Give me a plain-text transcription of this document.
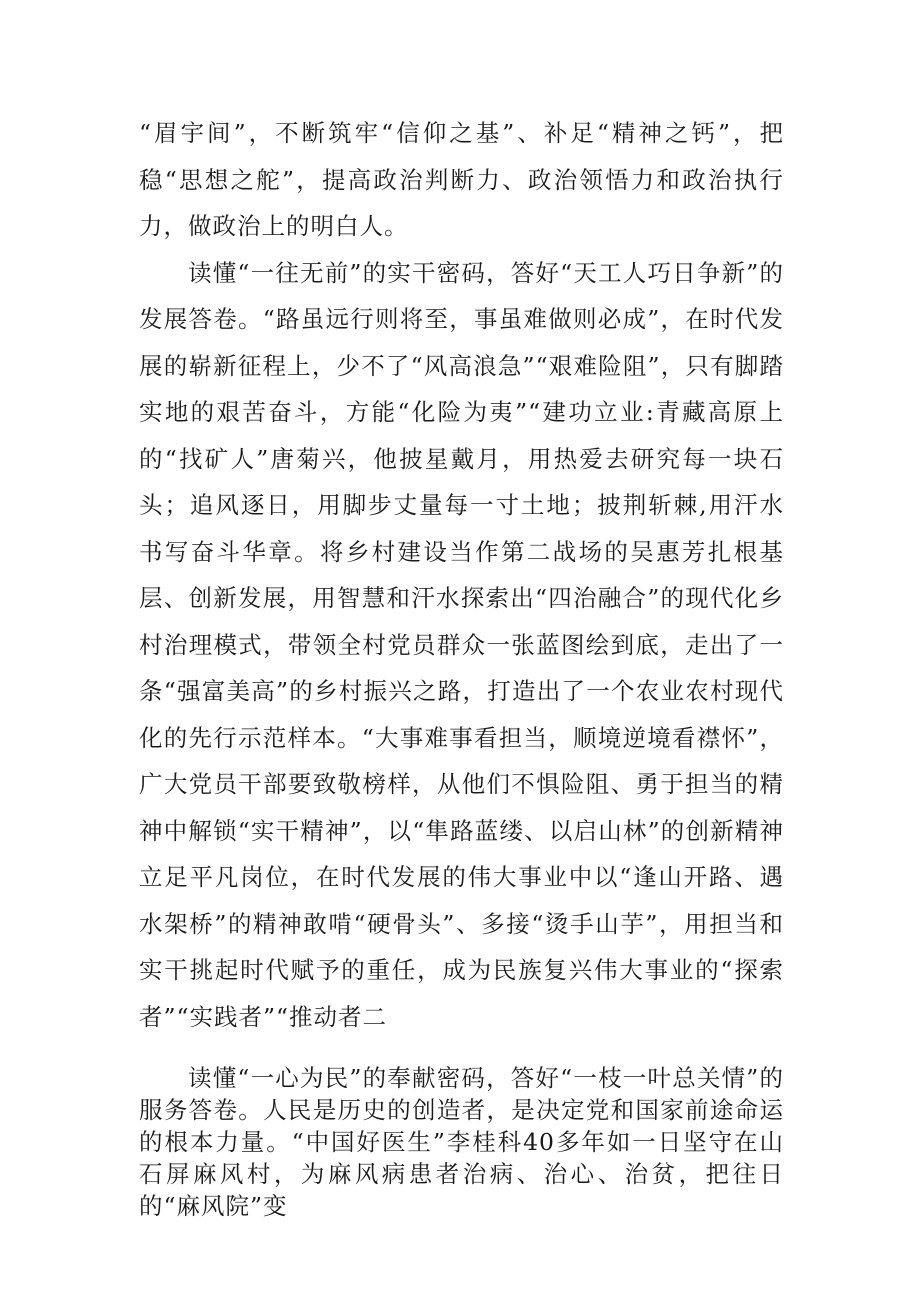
“眉宇间”，不断筑牢“信仰之基”、补足“精神之钙”，把稳“思想之舵”，提高政治判断力、政治领悟力和政治执行力，做政治上的明白人。

读懂“一往无前”的实干密码，答好“天工人巧日争新”的发展答卷。“路虽远行则将至，事虽难做则必成”，在时代发展的崭新征程上，少不了“风高浪急”“艰难险阻”，只有脚踏实地的艰苦奋斗，方能“化险为夷”“建功立业:青藏高原上的“找矿人”唐菊兴，他披星戴月，用热爱去研究每一块石头；追风逐日，用脚步丈量每一寸土地；披荆斩棘,用汗水书写奋斗华章。将乡村建设当作第二战场的吴惠芳扎根基层、创新发展，用智慧和汗水探索出“四治融合”的现代化乡村治理模式，带领全村党员群众一张蓝图绘到底，走出了一条“强富美高”的乡村振兴之路，打造出了一个农业农村现代化的先行示范样本。“大事难事看担当，顺境逆境看襟怀”，广大党员干部要致敬榜样，从他们不惧险阻、勇于担当的精神中解锁“实干精神”，以“隼路蓝缕、以启山林”的创新精神立足平凡岗位，在时代发展的伟大事业中以“逢山开路、遇水架桥”的精神敢啃“硬骨头”、多接“烫手山芋”，用担当和实干挑起时代赋予的重任，成为民族复兴伟大事业的“探索者”“实践者”“推动者二

读懂“一心为民”的奉献密码，答好“一枝一叶总关情”的服务答卷。人民是历史的创造者，是决定党和国家前途命运的根本力量。“中国好医生”李桂科40多年如一日坚守在山石屏麻风村，为麻风病患者治病、治心、治贫，把往日的“麻风院”变
